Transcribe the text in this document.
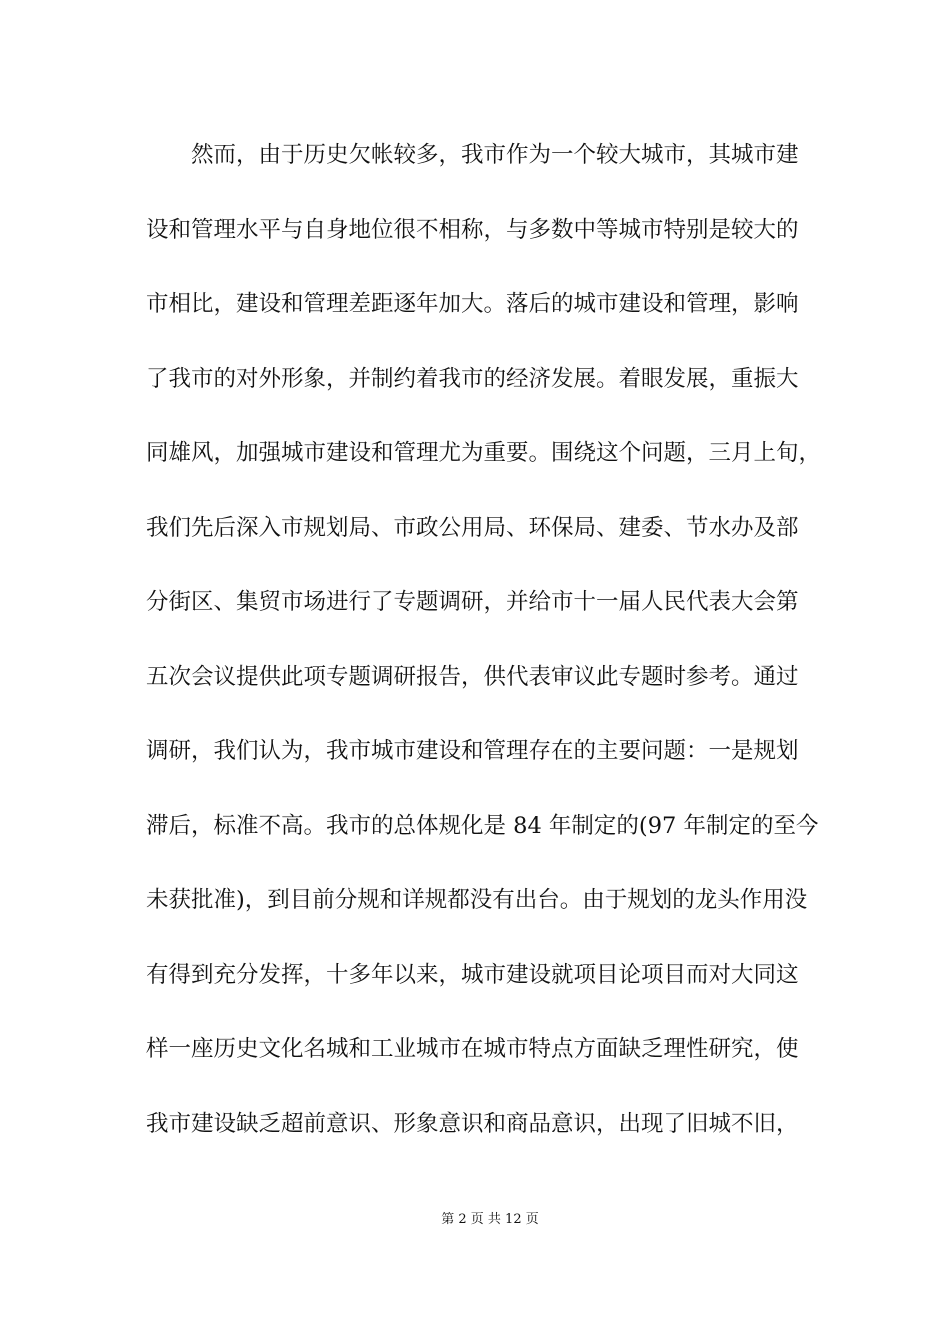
然而，由于历史欠帐较多，我市作为一个较大城市，其城市建
设和管理水平与自身地位很不相称，与多数中等城市特别是较大的
市相比，建设和管理差距逐年加大。落后的城市建设和管理，影响
了我市的对外形象，并制约着我市的经济发展。着眼发展，重振大
同雄风，加强城市建设和管理尤为重要。围绕这个问题，三月上旬，
我们先后深入市规划局、市政公用局、环保局、建委、节水办及部
分街区、集贸市场进行了专题调研，并给市十一届人民代表大会第
五次会议提供此项专题调研报告，供代表审议此专题时参考。通过
调研，我们认为，我市城市建设和管理存在的主要问题：一是规划
滞后，标准不高。我市的总体规化是 84 年制定的(97 年制定的至今
未获批准)，到目前分规和详规都没有出台。由于规划的龙头作用没
有得到充分发挥，十多年以来，城市建设就项目论项目而对大同这
样一座历史文化名城和工业城市在城市特点方面缺乏理性研究，使
我市建设缺乏超前意识、形象意识和商品意识，出现了旧城不旧，
第 2 页 共 12 页
